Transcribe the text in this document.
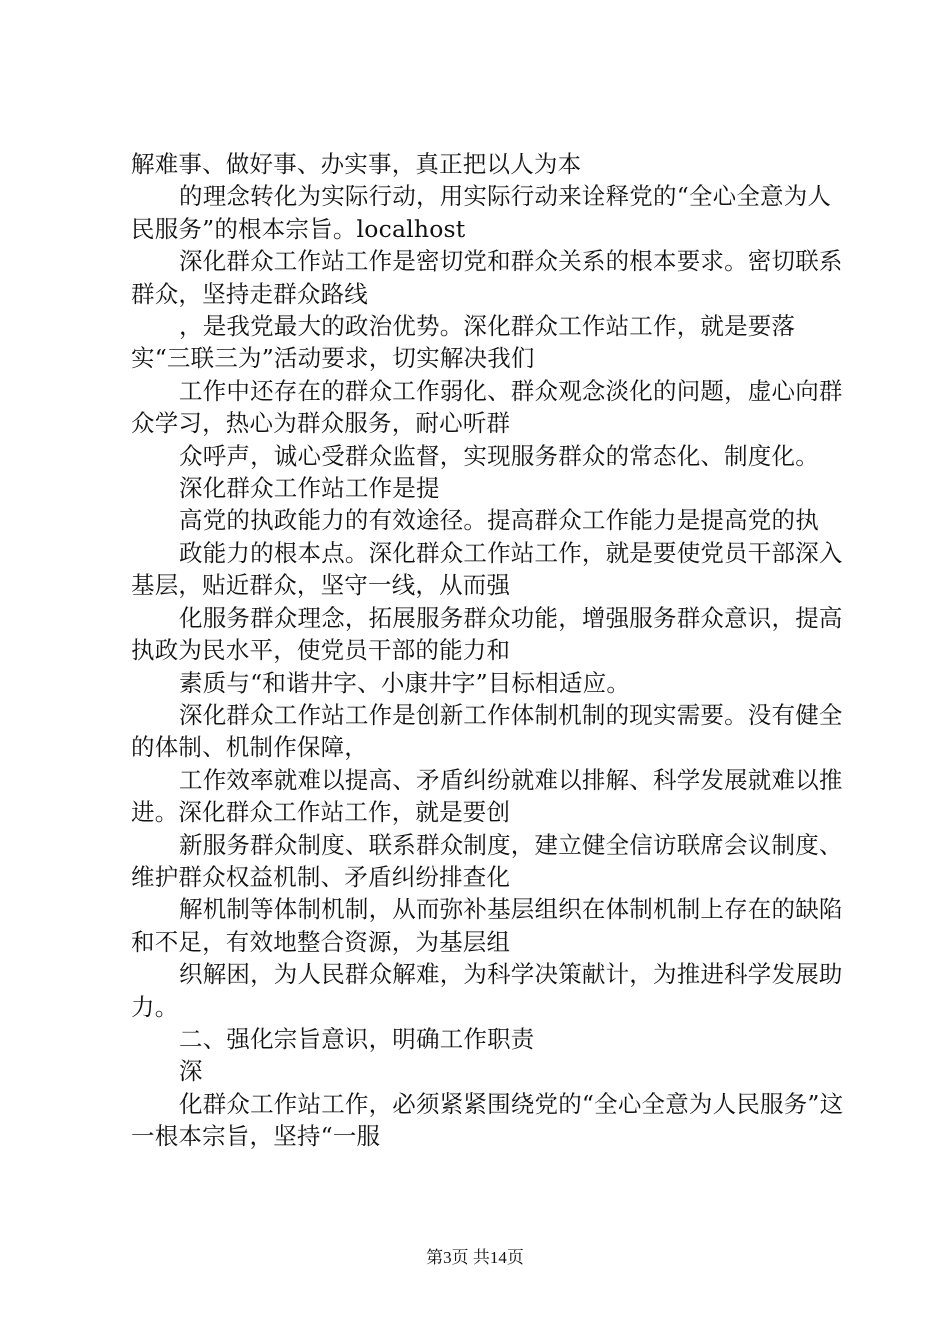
解难事、做好事、办实事，真正把以人为本

的理念转化为实际行动，用实际行动来诠释党的“全心全意为人民服务”的根本宗旨。localhost

深化群众工作站工作是密切党和群众关系的根本要求。密切联系群众，坚持走群众路线

，是我党最大的政治优势。深化群众工作站工作，就是要落实“三联三为”活动要求，切实解决我们

工作中还存在的群众工作弱化、群众观念淡化的问题，虚心向群众学习，热心为群众服务，耐心听群

众呼声，诚心受群众监督，实现服务群众的常态化、制度化。

深化群众工作站工作是提

高党的执政能力的有效途径。提高群众工作能力是提高党的执

政能力的根本点。深化群众工作站工作，就是要使党员干部深入基层，贴近群众，坚守一线，从而强

化服务群众理念，拓展服务群众功能，增强服务群众意识，提高执政为民水平，使党员干部的能力和

素质与“和谐井字、小康井字”目标相适应。

深化群众工作站工作是创新工作体制机制的现实需要。没有健全的体制、机制作保障，

工作效率就难以提高、矛盾纠纷就难以排解、科学发展就难以推进。深化群众工作站工作，就是要创

新服务群众制度、联系群众制度，建立健全信访联席会议制度、维护群众权益机制、矛盾纠纷排查化

解机制等体制机制，从而弥补基层组织在体制机制上存在的缺陷和不足，有效地整合资源，为基层组

织解困，为人民群众解难，为科学决策献计，为推进科学发展助力。

二、强化宗旨意识，明确工作职责

深

化群众工作站工作，必须紧紧围绕党的“全心全意为人民服务”这一根本宗旨，坚持“一服

第3页 共14页
